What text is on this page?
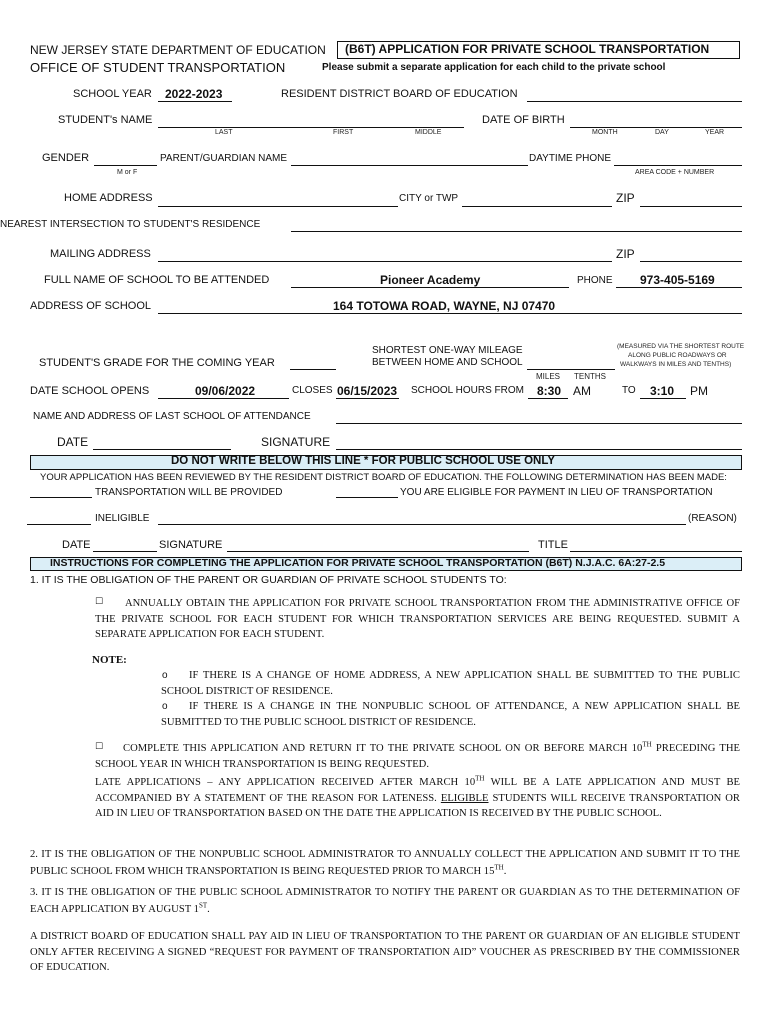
NEW JERSEY STATE DEPARTMENT OF EDUCATION
OFFICE OF STUDENT TRANSPORTATION
(B6T) APPLICATION FOR PRIVATE SCHOOL TRANSPORTATION
Please submit a separate application for each child to the private school
SCHOOL YEAR 2022-2023	RESIDENT DISTRICT BOARD OF EDUCATION
STUDENT's NAME
LAST	FIRST	MIDDLE
DATE OF BIRTH
MONTH	DAY	YEAR
GENDER
M or F
PARENT/GUARDIAN NAME	DAYTIME PHONE
AREA CODE + NUMBER
HOME ADDRESS	CITY or TWP	ZIP
NEAREST INTERSECTION TO STUDENT'S RESIDENCE
MAILING ADDRESS	ZIP
FULL NAME OF SCHOOL TO BE ATTENDED	Pioneer Academy	PHONE 973-405-5169
ADDRESS OF SCHOOL	164 TOTOWA ROAD, WAYNE, NJ 07470
SHORTEST ONE-WAY MILEAGE
BETWEEN HOME AND SCHOOL
MILES TENTHS
(MEASURED VIA THE SHORTEST ROUTE
ALONG PUBLIC ROADWAYS OR
WALKWAYS IN MILES AND TENTHS)
STUDENT'S GRADE FOR THE COMING YEAR
DATE SCHOOL OPENS	09/06/2022	CLOSES 06/15/2023 SCHOOL HOURS FROM 8:30 AM	TO 3:10 PM
NAME AND ADDRESS OF LAST SCHOOL OF ATTENDANCE
DATE	SIGNATURE
DO NOT WRITE BELOW THIS LINE * FOR PUBLIC SCHOOL USE ONLY
YOUR APPLICATION HAS BEEN REVIEWED BY THE RESIDENT DISTRICT BOARD OF EDUCATION. THE FOLLOWING DETERMINATION HAS BEEN MADE:
TRANSPORTATION WILL BE PROVIDED	YOU ARE ELIGIBLE FOR PAYMENT IN LIEU OF TRANSPORTATION
INELIGIBLE	(REASON)
DATE	SIGNATURE	TITLE
INSTRUCTIONS FOR COMPLETING THE APPLICATION FOR PRIVATE SCHOOL TRANSPORTATION (B6T) N.J.A.C. 6A:27-2.5
1. IT IS THE OBLIGATION OF THE PARENT OR GUARDIAN OF PRIVATE SCHOOL STUDENTS TO:
☐	ANNUALLY OBTAIN THE APPLICATION FOR PRIVATE SCHOOL TRANSPORTATION FROM THE ADMINISTRATIVE OFFICE OF THE PRIVATE SCHOOL FOR EACH STUDENT FOR WHICH TRANSPORTATION SERVICES ARE BEING REQUESTED. SUBMIT A SEPARATE APPLICATION FOR EACH STUDENT.
NOTE:
o	IF THERE IS A CHANGE OF HOME ADDRESS, A NEW APPLICATION SHALL BE SUBMITTED TO THE PUBLIC SCHOOL DISTRICT OF RESIDENCE.
o	IF THERE IS A CHANGE IN THE NONPUBLIC SCHOOL OF ATTENDANCE, A NEW APPLICATION SHALL BE SUBMITTED TO THE PUBLIC SCHOOL DISTRICT OF RESIDENCE.
☐	COMPLETE THIS APPLICATION AND RETURN IT TO THE PRIVATE SCHOOL ON OR BEFORE MARCH 10TH PRECEDING THE SCHOOL YEAR IN WHICH TRANSPORTATION IS BEING REQUESTED.
LATE APPLICATIONS – ANY APPLICATION RECEIVED AFTER MARCH 10TH WILL BE A LATE APPLICATION AND MUST BE ACCOMPANIED BY A STATEMENT OF THE REASON FOR LATENESS. ELIGIBLE STUDENTS WILL RECEIVE TRANSPORTATION OR AID IN LIEU OF TRANSPORTATION BASED ON THE DATE THE APPLICATION IS RECEIVED BY THE PUBLIC SCHOOL.
2. IT IS THE OBLIGATION OF THE NONPUBLIC SCHOOL ADMINISTRATOR TO ANNUALLY COLLECT THE APPLICATION AND SUBMIT IT TO THE PUBLIC SCHOOL FROM WHICH TRANSPORTATION IS BEING REQUESTED PRIOR TO MARCH 15TH.
3. IT IS THE OBLIGATION OF THE PUBLIC SCHOOL ADMINISTRATOR TO NOTIFY THE PARENT OR GUARDIAN AS TO THE DETERMINATION OF EACH APPLICATION BY AUGUST 1ST.
A DISTRICT BOARD OF EDUCATION SHALL PAY AID IN LIEU OF TRANSPORTATION TO THE PARENT OR GUARDIAN OF AN ELIGIBLE STUDENT ONLY AFTER RECEIVING A SIGNED “REQUEST FOR PAYMENT OF TRANSPORTATION AID” VOUCHER AS PRESCRIBED BY THE COMMISSIONER OF EDUCATION.
